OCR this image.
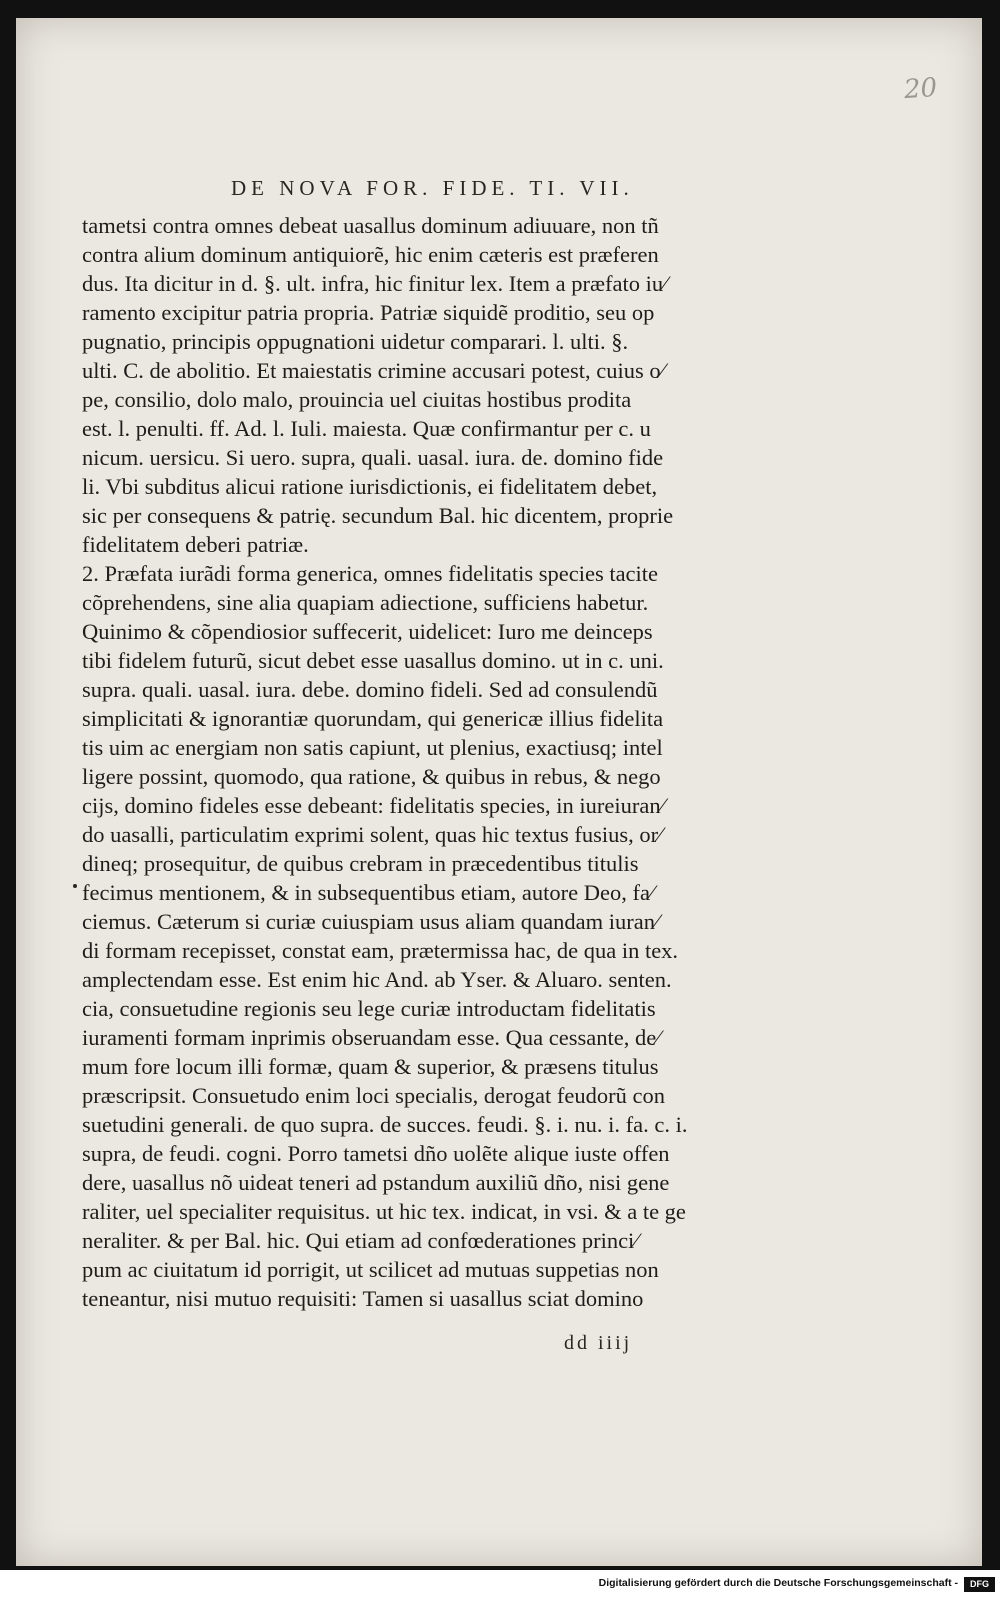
20
DE NOVA FOR. FIDE. TI. VII.
tametsi contra omnes debeat uasallus dominum adiuuare, non tñ
contra alium dominum antiquiorẽ, hic enim cæteris est præferen
dus. Ita dicitur in d. §. ult. infra, hic finitur lex. Item a præfato iu⁄
ramento excipitur patria propria. Patriæ siquidẽ proditio, seu op
pugnatio, principis oppugnationi uidetur comparari. l. ulti. §.
ulti. C. de abolitio. Et maiestatis crimine accusari potest, cuius o⁄
pe, consilio, dolo malo, prouincia uel ciuitas hostibus prodita
est. l. penulti. ff. Ad. l. Iuli. maiesta. Quæ confirmantur per c. u
nicum. uersicu. Si uero. supra, quali. uasal. iura. de. domino fide
li. Vbi subditus alicui ratione iurisdictionis, ei fidelitatem debet,
sic per consequens & patrię. secundum Bal. hic dicentem, proprie
fidelitatem deberi patriæ.
2. Præfata iurãdi forma generica, omnes fidelitatis species tacite
cõprehendens, sine alia quapiam adiectione, sufficiens habetur.
Quinimo & cõpendiosior suffecerit, uidelicet: Iuro me deinceps
tibi fidelem futurũ, sicut debet esse uasallus domino. ut in c. uni.
supra. quali. uasal. iura. debe. domino fideli. Sed ad consulendũ
simplicitati & ignorantiæ quorundam, qui genericæ illius fidelita
tis uim ac energiam non satis capiunt, ut plenius, exactiusq; intel
ligere possint, quomodo, qua ratione, & quibus in rebus, & nego
cijs, domino fideles esse debeant: fidelitatis species, in iureiuran⁄
do uasalli, particulatim exprimi solent, quas hic textus fusius, or⁄
dineq; prosequitur, de quibus crebram in præcedentibus titulis
fecimus mentionem, & in subsequentibus etiam, autore Deo, fa⁄
ciemus. Cæterum si curiæ cuiuspiam usus aliam quandam iuran⁄
di formam recepisset, constat eam, prætermissa hac, de qua in tex.
amplectendam esse. Est enim hic And. ab Yser. & Aluaro. senten.
cia, consuetudine regionis seu lege curiæ introductam fidelitatis
iuramenti formam inprimis obseruandam esse. Qua cessante, de⁄
mum fore locum illi formæ, quam & superior, & præsens titulus
præscripsit. Consuetudo enim loci specialis, derogat feudorũ con
suetudini generali. de quo supra. de succes. feudi. §. i. nu. i. fa. c. i.
supra, de feudi. cogni. Porro tametsi dño uolẽte alique iuste offen
dere, uasallus nõ uideat teneri ad pstandum auxiliũ dño, nisi gene
raliter, uel specialiter requisitus. ut hic tex. indicat, in vsi. & a te ge
neraliter. & per Bal. hic. Qui etiam ad confœderationes princi⁄
pum ac ciuitatum id porrigit, ut scilicet ad mutuas suppetias non
teneantur, nisi mutuo requisiti: Tamen si uasallus sciat domino
dd iiij
Digitalisierung gefördert durch die Deutsche Forschungsgemeinschaft -	DFG
